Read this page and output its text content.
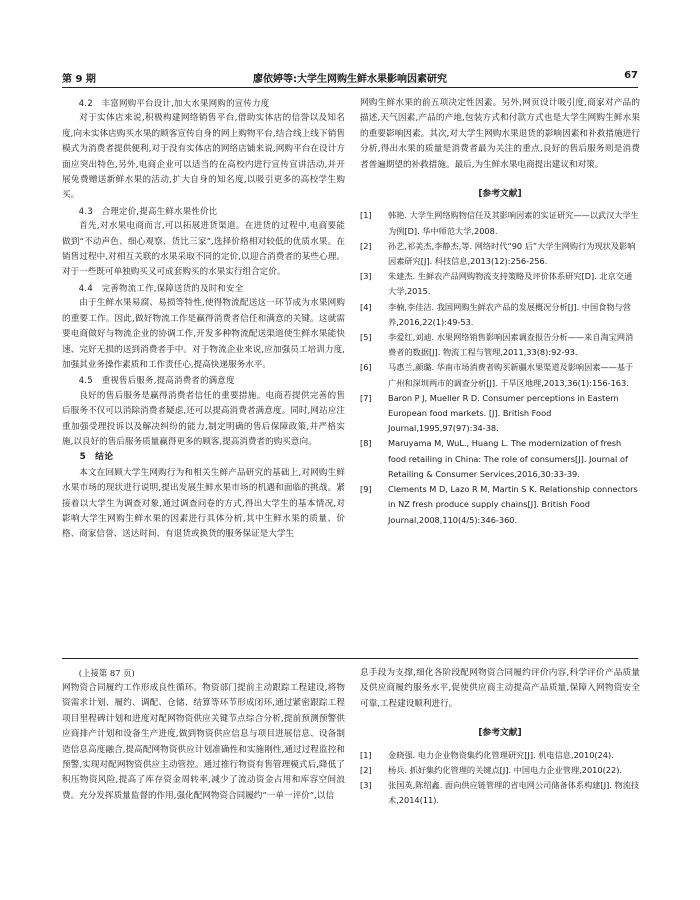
第 9 期	廖依婷等:大学生网购生鲜水果影响因素研究	67

4.2　丰富网购平台设计,加大水果网购的宣传力度

对于实体店来说,积极构建网络销售平台,借助实体店的信誉以及知名度,向未实体店购买水果的顾客宣传自身的网上购物平台,结合线上线下销售模式为消费者提供便利,对于没有实体店的网络店铺来说,网购平台在设计方面应突出特色,另外,电商企业可以适当的在高校内进行宣传宣讲活动,并开展免费赠送新鲜水果的活动,扩大自身的知名度,以吸引更多的高校学生购买。

4.3　合理定价,提高生鲜水果性价比

首先,对水果电商而言,可以拓展进货渠道。在进货的过程中,电商要能做到“不动声色、细心观察、货比三家”,选择价格相对较低的优质水果。在销售过程中,对相互关联的水果采取不同的定价,以迎合消费者的某些心理。对于一些既可单独购买又可成套购买的水果实行组合定价。

4.4　完善物流工作,保障送货的及时和安全

由于生鲜水果易腐、易损等特性,使得物流配送这一环节成为水果网购的重要工作。因此,做好物流工作是赢得消费者信任和满意的关键。这就需要电商做好与物流企业的协调工作,开发多种物流配送渠道使生鲜水果能快速、完好无损的送到消费者手中。对于物流企业来说,应加强员工培训力度,加强其业务操作素质和工作责任心,提高快递服务水平。

4.5　重视售后服务,提高消费者的满意度

良好的售后服务是赢得消费者信任的重要措施。电商若提供完善的售后服务不仅可以消除消费者疑虑,还可以提高消费者满意度。同时,网站应注重加强受理投诉以及解决纠纷的能力,制定明确的售后保障政策,并严格实施,以良好的售后服务质量赢得更多的顾客,提高消费者的购买意向。

5　结论

本文在回顾大学生网购行为和相关生鲜产品研究的基础上,对网购生鲜水果市场的现状进行说明,提出发展生鲜水果市场的机遇和面临的挑战。紧接着以大学生为调查对象,通过调查问卷的方式,得出大学生的基本情况,对影响大学生网购生鲜水果的因素进行具体分析,其中生鲜水果的质量、价格、商家信誉、送达时间、有退货或换货的服务保证是大学生

网购生鲜水果的前五项决定性因素。另外,网页设计吸引度,商家对产品的描述,天气因素,产品的产地,包装方式和付款方式也是大学生网购生鲜水果的重要影响因素。其次,对大学生网购水果退货的影响因素和补救措施进行分析,得出水果的质量是消费者最为关注的重点,良好的售后服务则是消费者普遍期望的补救措施。最后,为生鲜水果电商提出建议和对策。

[参考文献]
[1] 韩艳. 大学生网络购物信任及其影响因素的实证研究——以武汉大学生为例[D]. 华中师范大学,2008.
[2] 孙艺,祁美杰,李静杰,等. 网络时代“90 后”大学生网购行为现状及影响因素研究[J]. 科技信息,2013(12):256-256.
[3] 朱建杰. 生鲜农产品网购物流支持策略及评价体系研究[D]. 北京交通大学,2015.
[4] 李楠,李佳洁. 我国网购生鲜农产品的发展概况分析[J]. 中国食物与营养,2016,22(1):49-53.
[5] 李爱红,刘迪. 水果网络销售影响因素调查报告分析——来自淘宝网消费者的数据[J]. 物流工程与管理,2011,33(8):92-93.
[6] 马惠兰,颜璐. 华南市场消费者购买新疆水果渠道及影响因素——基于广州和深圳两市的调查分析[J]. 干旱区地理,2013,36(1):156-163.
[7] Baron P J, Mueller R D. Consumer perceptions in Eastern European food markets. [J]. British Food Journal,1995,97(97):34-38.
[8] Maruyama M, WuL., Huang L. The modernization of fresh food retailing in China: The role of consumers[J]. Journal of Retailing & Consumer Services,2016,30:33-39.
[9] Clements M D, Lazo R M, Martin S K. Relationship connectors in NZ fresh produce supply chains[J]. British Food Journal,2008,110(4/5):346-360.

(上接第 87 页)

网物资合同履约工作形成良性循环。物资部门提前主动跟踪工程建设,将物资需求计划、履约、调配、仓储、结算等环节形成闭环,通过紧密跟踪工程项目里程碑计划和进度对配网物资供应关键节点综合分析,提前预测预警供应商排产计划和设备生产进度,做到物资供应信息与项目进展信息、设备制造信息高度融合,提高配网物资供应计划准确性和实施刚性,通过过程监控和预警,实现对配网物资供应主动管控。通过推行物资有售管理模式后,降低了积压物资风险,提高了库存资金周转率,减少了流动资金占用和库容空间浪费。充分发挥质量监督的作用,强化配网物资合同履约“一单一评价”,以信

息手段为支撑,细化各阶段配网物资合同履约评价内容,科学评价产品质量及供应商履约服务水平,促使供应商主动提高产品质量,保障入网物资安全可靠,工程建设顺利进行。

[参考文献]
[1] 金晓强. 电力企业物资集约化管理研究[J]. 机电信息,2010(24).
[2] 杨兵. 抓好集约化管理的关键点[J]. 中国电力企业管理,2010(22).
[3] 张国英,陈绍鑫. 面向供应链管理的省电网公司储备体系构建[J]. 物流技术,2014(11).
